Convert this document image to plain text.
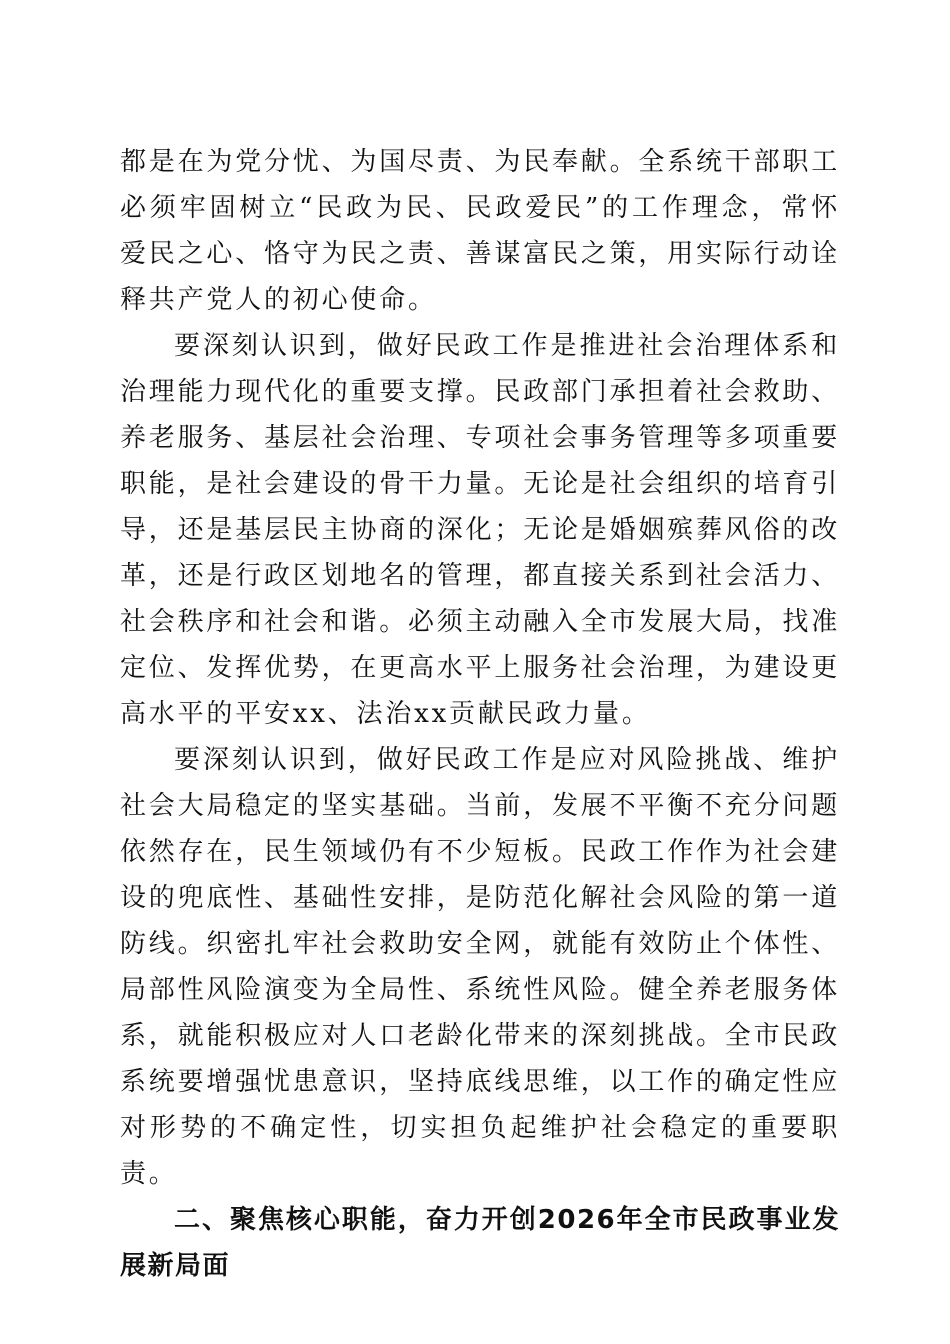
都是在为党分忧、为国尽责、为民奉献。全系统干部职工必须牢固树立“民政为民、民政爱民”的工作理念，常怀爱民之心、恪守为民之责、善谋富民之策，用实际行动诠释共产党人的初心使命。

要深刻认识到，做好民政工作是推进社会治理体系和治理能力现代化的重要支撑。民政部门承担着社会救助、养老服务、基层社会治理、专项社会事务管理等多项重要职能，是社会建设的骨干力量。无论是社会组织的培育引导，还是基层民主协商的深化；无论是婚姻殡葬风俗的改革，还是行政区划地名的管理，都直接关系到社会活力、社会秩序和社会和谐。必须主动融入全市发展大局，找准定位、发挥优势，在更高水平上服务社会治理，为建设更高水平的平安xx、法治xx贡献民政力量。

要深刻认识到，做好民政工作是应对风险挑战、维护社会大局稳定的坚实基础。当前，发展不平衡不充分问题依然存在，民生领域仍有不少短板。民政工作作为社会建设的兜底性、基础性安排，是防范化解社会风险的第一道防线。织密扎牢社会救助安全网，就能有效防止个体性、局部性风险演变为全局性、系统性风险。健全养老服务体系，就能积极应对人口老龄化带来的深刻挑战。全市民政系统要增强忧患意识，坚持底线思维，以工作的确定性应对形势的不确定性，切实担负起维护社会稳定的重要职责。

二、聚焦核心职能，奋力开创2026年全市民政事业发展新局面
